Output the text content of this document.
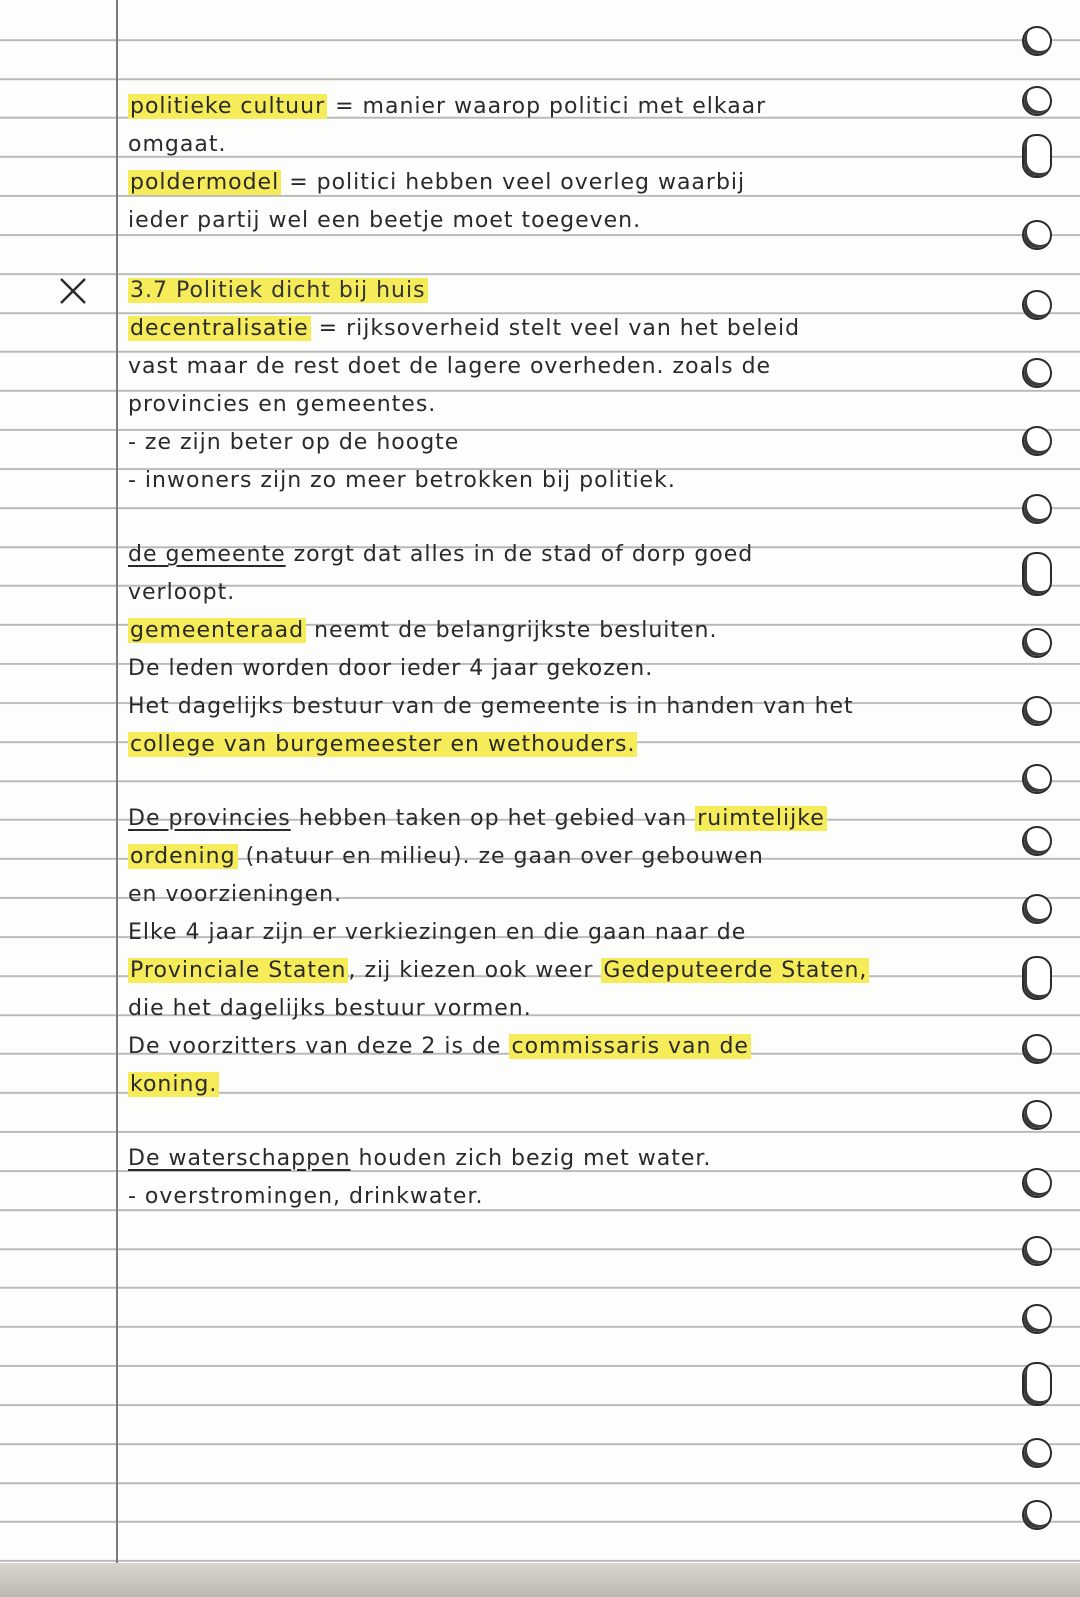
politieke cultuur = manier waarop politici met elkaar
omgaat.
poldermodel = politici hebben veel overleg waarbij
ieder partij wel een beetje moet toegeven.
3.7 Politiek dicht bij huis
decentralisatie = rijksoverheid stelt veel van het beleid
vast maar de rest doet de lagere overheden. zoals de
provincies en gemeentes.
- ze zijn beter op de hoogte
- inwoners zijn zo meer betrokken bij politiek.
de gemeente zorgt dat alles in de stad of dorp goed
verloopt.
gemeenteraad neemt de belangrijkste besluiten.
De leden worden door ieder 4 jaar gekozen.
Het dagelijks bestuur van de gemeente is in handen van het
college van burgemeester en wethouders.
De provincies hebben taken op het gebied van ruimtelijke
ordening (natuur en milieu). ze gaan over gebouwen
en voorzieningen.
Elke 4 jaar zijn er verkiezingen en die gaan naar de
Provinciale Staten, zij kiezen ook weer Gedeputeerde Staten,
die het dagelijks bestuur vormen.
De voorzitters van deze 2 is de commissaris van de
koning.
De waterschappen houden zich bezig met water.
- overstromingen, drinkwater.
